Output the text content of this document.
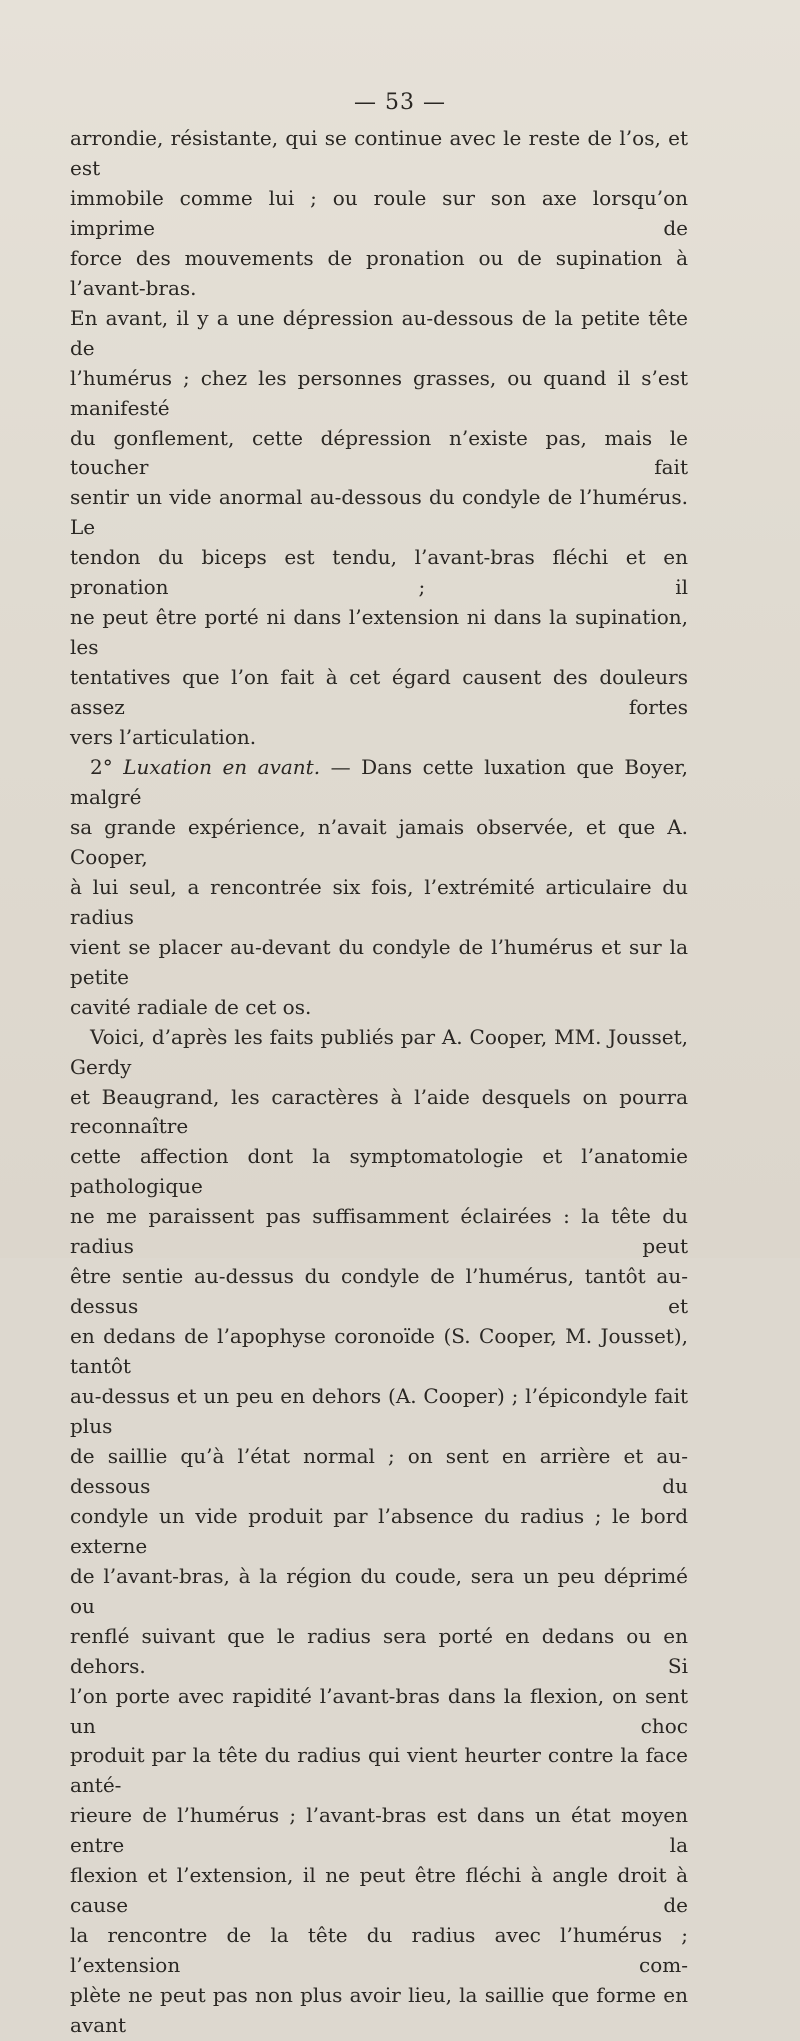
— 53 —

arrondie, résistante, qui se continue avec le reste de l’os, et est

immobile comme lui ; ou roule sur son axe lorsqu’on imprime de

force des mouvements de pronation ou de supination à l’avant-bras.

En avant, il y a une dépression au-dessous de la petite tête de

l’humérus ; chez les personnes grasses, ou quand il s’est manifesté

du gonflement, cette dépression n’existe pas, mais le toucher fait

sentir un vide anormal au-dessous du condyle de l’humérus. Le

tendon du biceps est tendu, l’avant-bras fléchi et en pronation ; il

ne peut être porté ni dans l’extension ni dans la supination, les

tentatives que l’on fait à cet égard causent des douleurs assez fortes

vers l’articulation.

2° Luxation en avant. — Dans cette luxation que Boyer, malgré

sa grande expérience, n’avait jamais observée, et que A. Cooper,

à lui seul, a rencontrée six fois, l’extrémité articulaire du radius

vient se placer au-devant du condyle de l’humérus et sur la petite

cavité radiale de cet os.

Voici, d’après les faits publiés par A. Cooper, MM. Jousset, Gerdy

et Beaugrand, les caractères à l’aide desquels on pourra reconnaître

cette affection dont la symptomatologie et l’anatomie pathologique

ne me paraissent pas suffisamment éclairées : la tête du radius peut

être sentie au-dessus du condyle de l’humérus, tantôt au-dessus et

en dedans de l’apophyse coronoïde (S. Cooper, M. Jousset), tantôt

au-dessus et un peu en dehors (A. Cooper) ; l’épicondyle fait plus

de saillie qu’à l’état normal ; on sent en arrière et au-dessous du

condyle un vide produit par l’absence du radius ; le bord externe

de l’avant-bras, à la région du coude, sera un peu déprimé ou

renflé suivant que le radius sera porté en dedans ou en dehors. Si

l’on porte avec rapidité l’avant-bras dans la flexion, on sent un choc

produit par la tête du radius qui vient heurter contre la face anté-

rieure de l’humérus ; l’avant-bras est dans un état moyen entre la

flexion et l’extension, il ne peut être fléchi à angle droit à cause de

la rencontre de la tête du radius avec l’humérus ; l’extension com-

plète ne peut pas non plus avoir lieu, la saillie que forme en avant
